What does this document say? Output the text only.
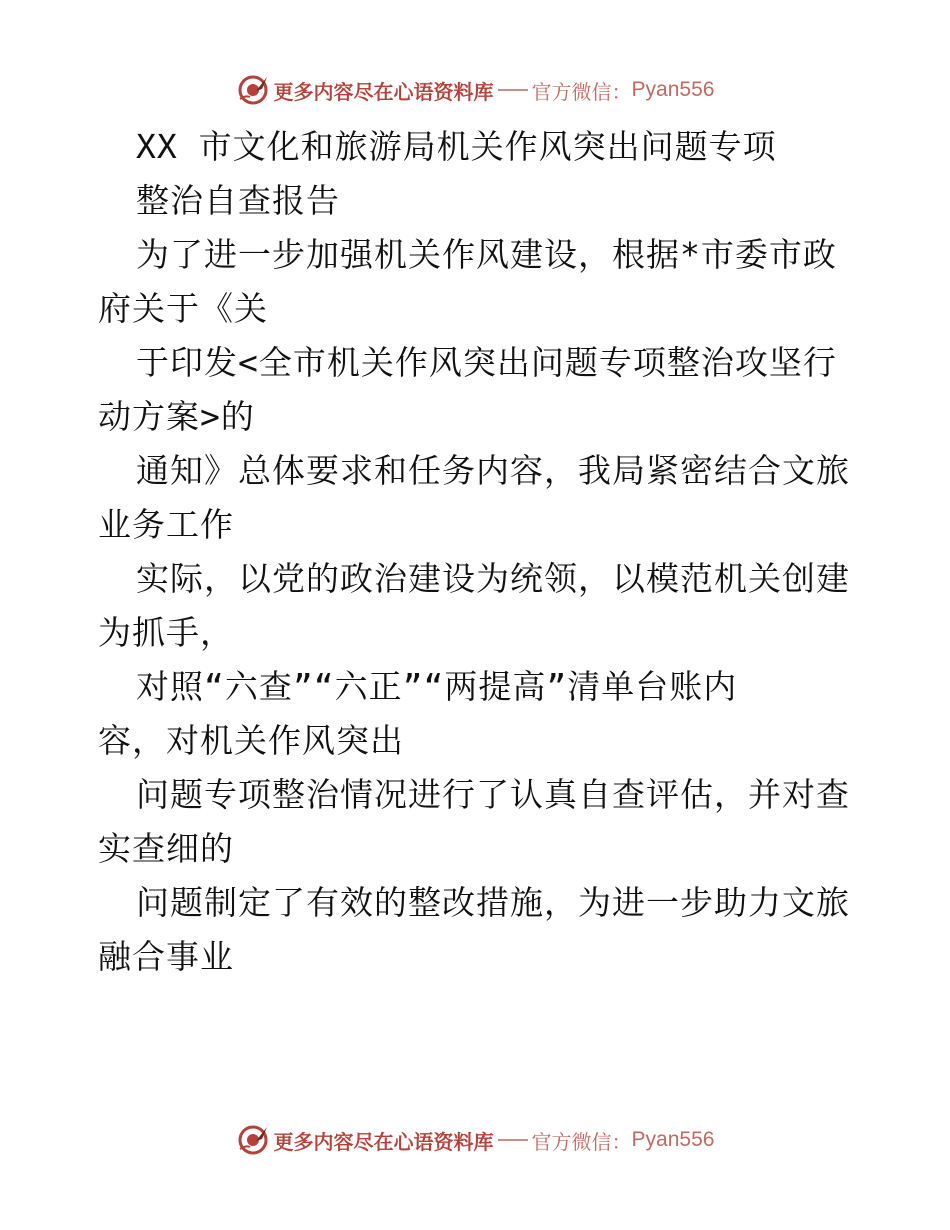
更多内容尽在心语资料库 官方微信： Pyan556
XX 市文化和旅游局机关作风突出问题专项
整治自查报告
为了进一步加强机关作风建设，根据*市委市政
府关于《关
于印发<全市机关作风突出问题专项整治攻坚行
动方案>的
通知》总体要求和任务内容，我局紧密结合文旅
业务工作
实际，以党的政治建设为统领，以模范机关创建
为抓手，
对照“六查”“六正”“两提高”清单台账内
容，对机关作风突出
问题专项整治情况进行了认真自查评估，并对查
实查细的
问题制定了有效的整改措施，为进一步助力文旅
融合事业
更多内容尽在心语资料库 官方微信： Pyan556
